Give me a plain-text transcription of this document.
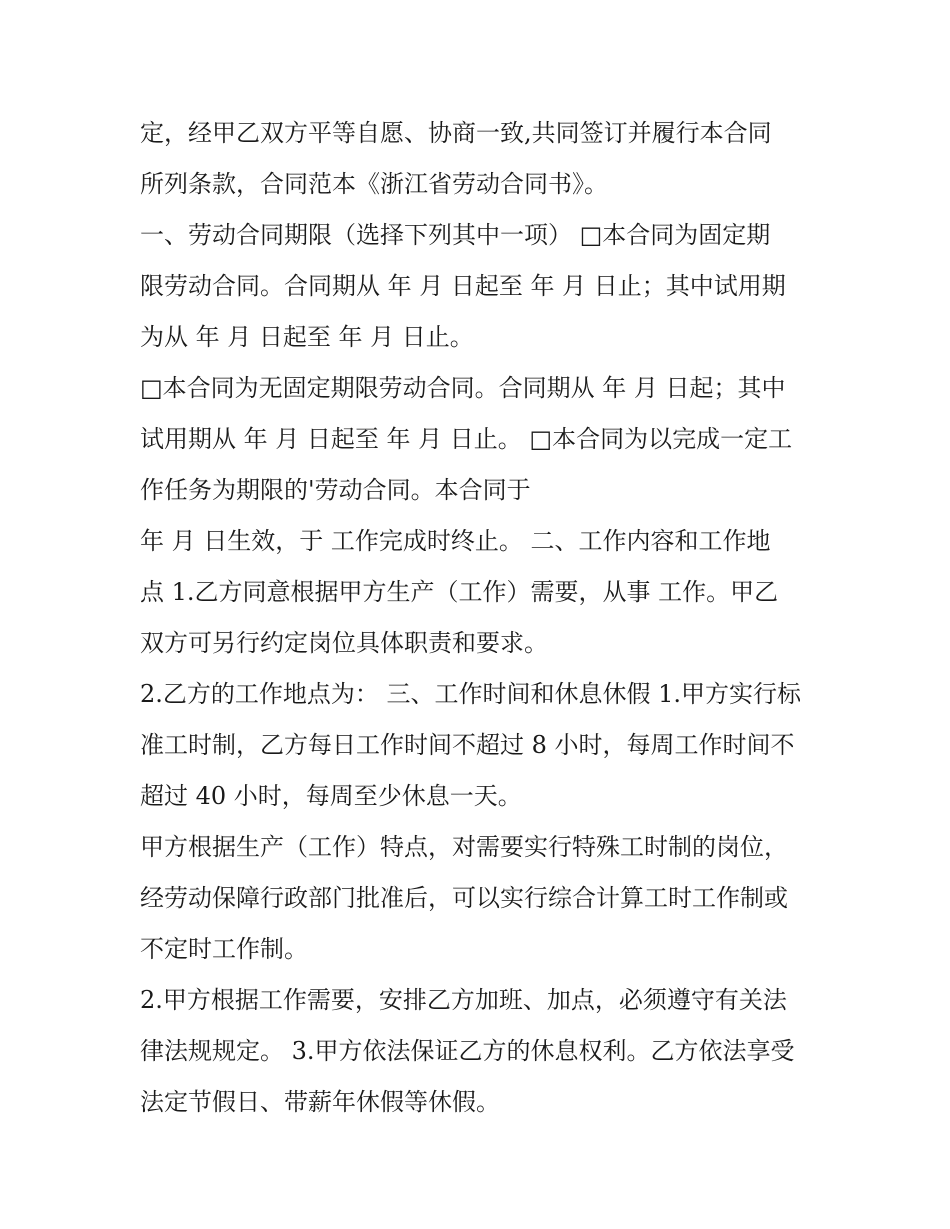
定，经甲乙双方平等自愿、协商一致,共同签订并履行本合同
所列条款，合同范本《浙江省劳动合同书》。
一、劳动合同期限（选择下列其中一项） □本合同为固定期
限劳动合同。合同期从 年 月 日起至 年 月 日止；其中试用期
为从 年 月 日起至 年 月 日止。
□本合同为无固定期限劳动合同。合同期从 年 月 日起；其中
试用期从 年 月 日起至 年 月 日止。 □本合同为以完成一定工
作任务为期限的'劳动合同。本合同于
年 月 日生效，于 工作完成时终止。 二、工作内容和工作地
点 1.乙方同意根据甲方生产（工作）需要，从事 工作。甲乙
双方可另行约定岗位具体职责和要求。
2.乙方的工作地点为： 三、工作时间和休息休假 1.甲方实行标
准工时制，乙方每日工作时间不超过 8 小时，每周工作时间不
超过 40 小时，每周至少休息一天。
甲方根据生产（工作）特点，对需要实行特殊工时制的岗位，
经劳动保障行政部门批准后，可以实行综合计算工时工作制或
不定时工作制。
2.甲方根据工作需要，安排乙方加班、加点，必须遵守有关法
律法规规定。 3.甲方依法保证乙方的休息权利。乙方依法享受
法定节假日、带薪年休假等休假。
